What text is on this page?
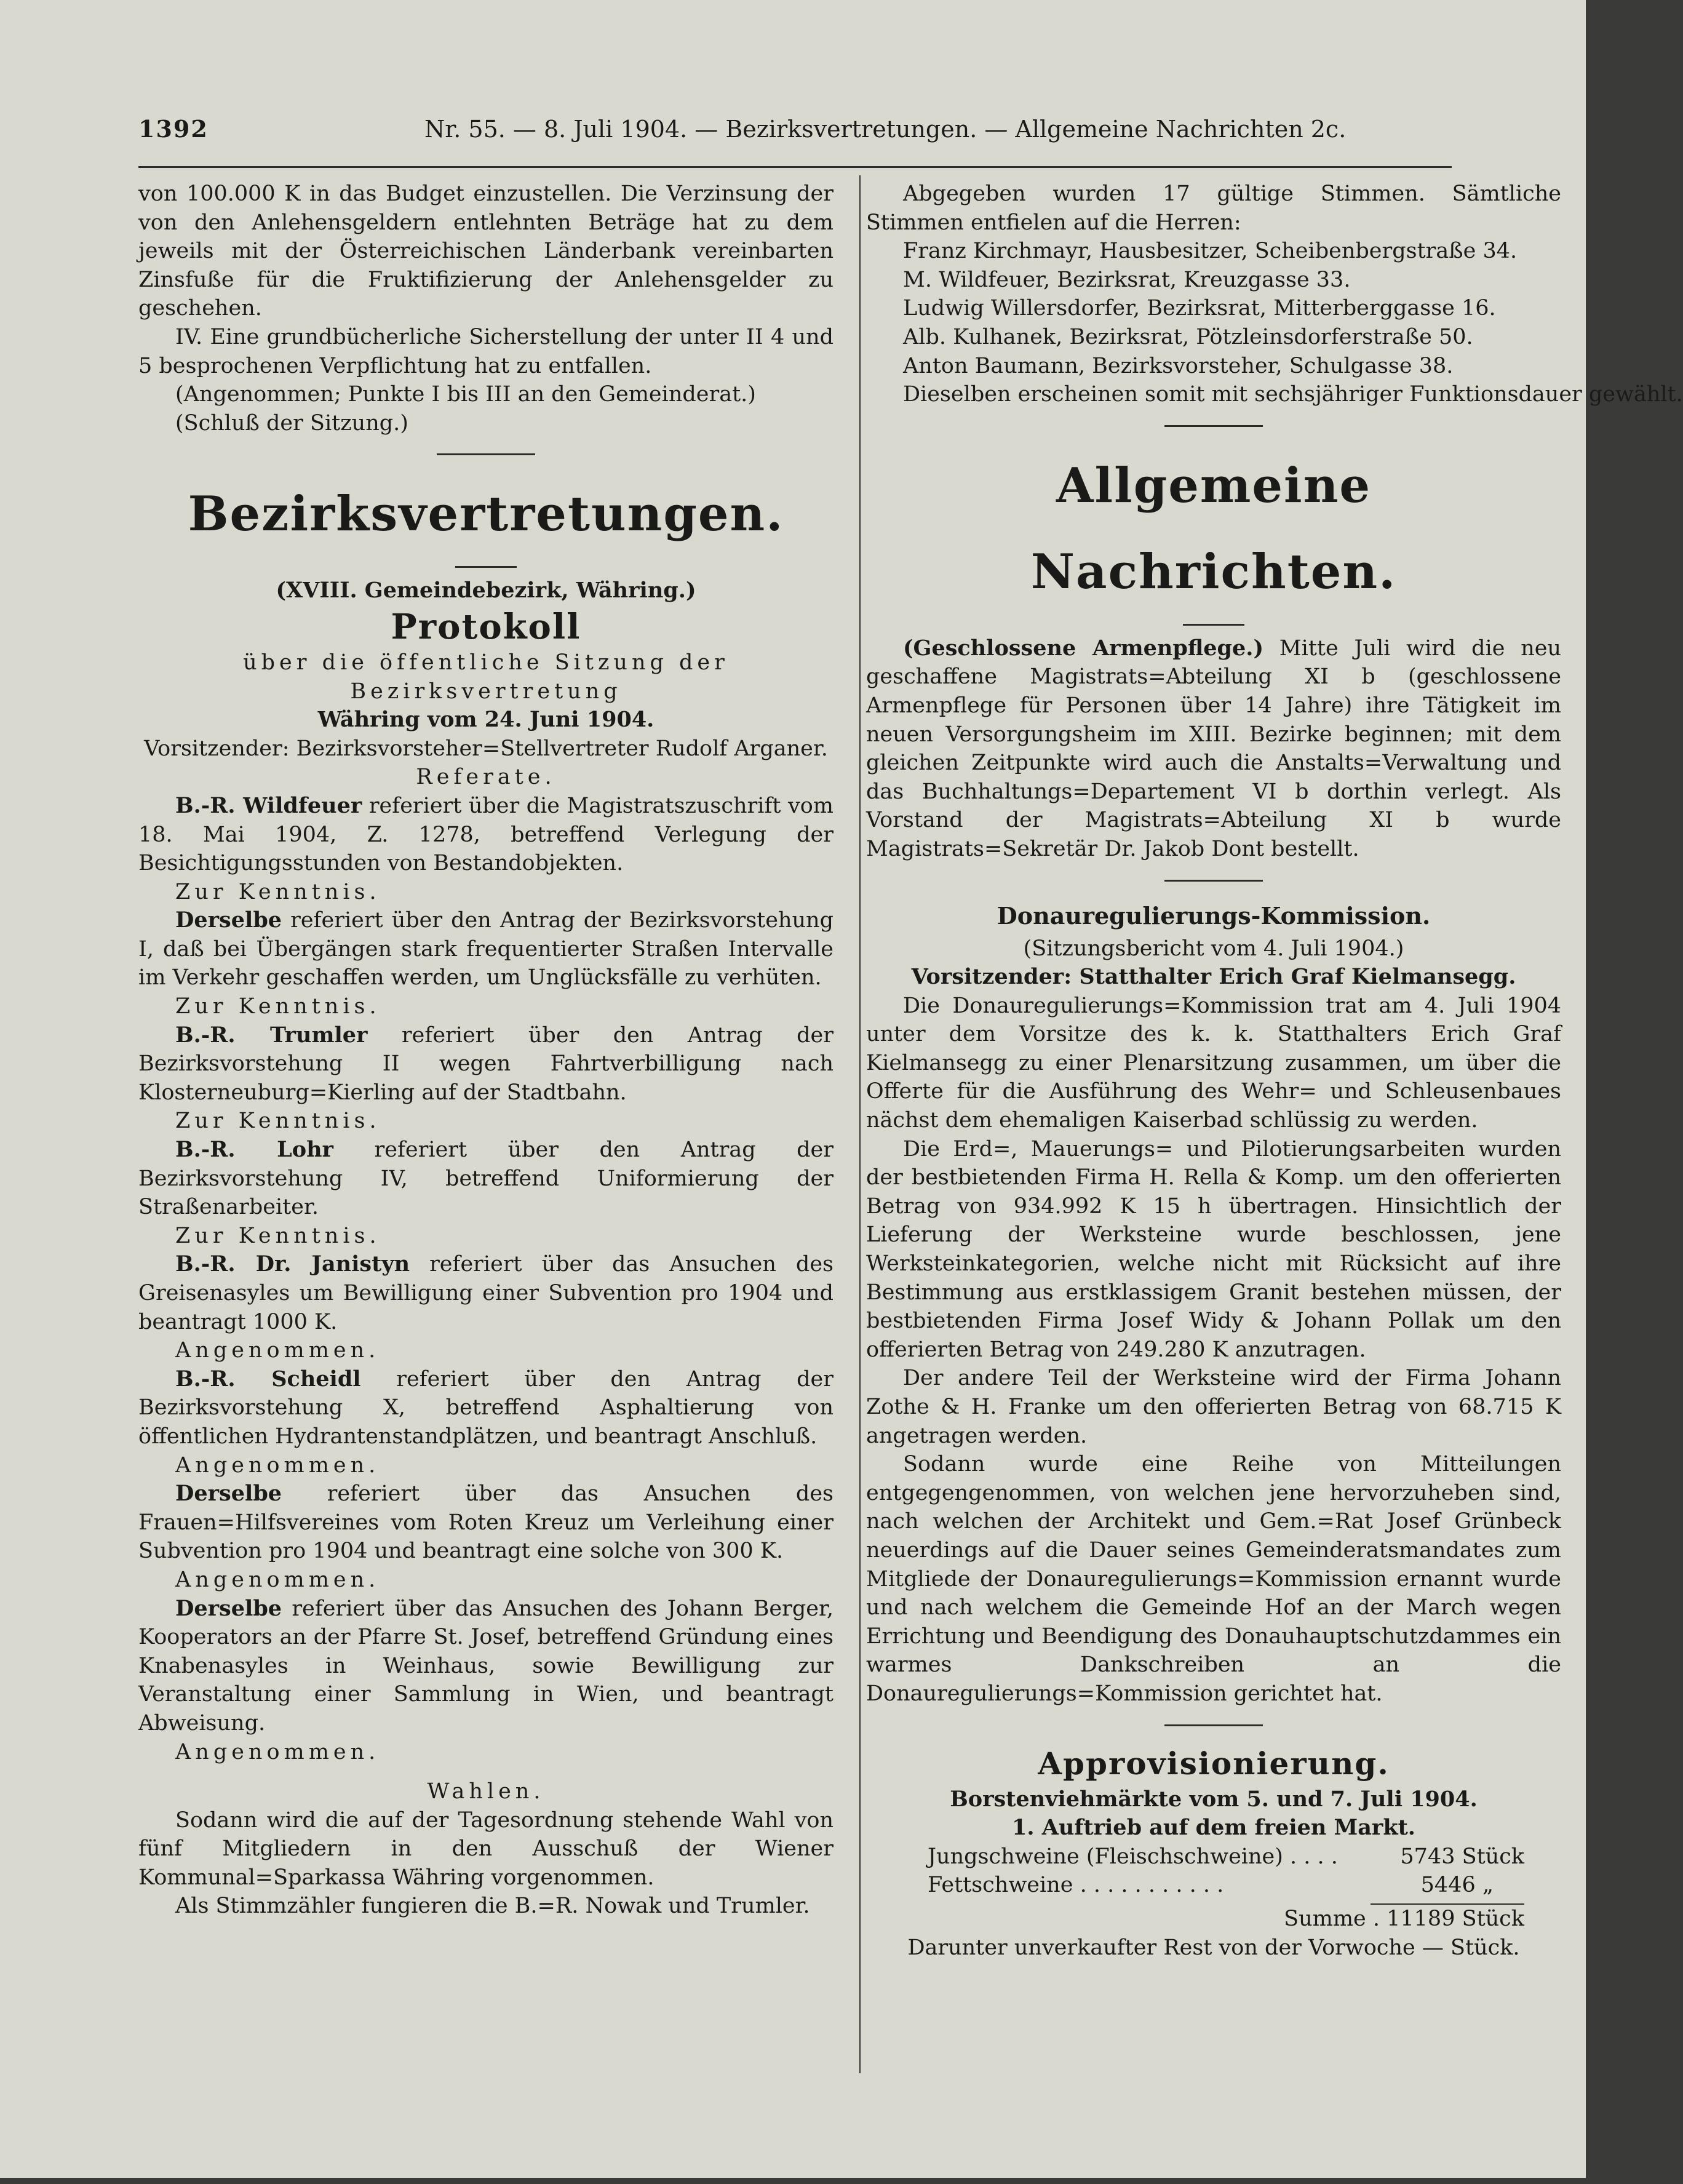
1392	Nr. 55. — 8. Juli 1904. — Bezirksvertretungen. — Allgemeine Nachrichten 2c.

von 100.000 K in das Budget einzustellen. Die Verzinsung der von den Anlehensgeldern entlehnten Beträge hat zu dem jeweils mit der Österreichischen Länderbank vereinbarten Zinsfuße für die Fruktifizierung der Anlehensgelder zu geschehen.

IV. Eine grundbücherliche Sicherstellung der unter II 4 und 5 besprochenen Verpflichtung hat zu entfallen.

(Angenommen; Punkte I bis III an den Gemeinderat.)

(Schluß der Sitzung.)

Bezirksvertretungen.

(XVIII. Gemeindebezirk, Währing.)

Protokoll

über die öffentliche Sitzung der Bezirksvertretung

Währing vom 24. Juni 1904.

Vorsitzender: Bezirksvorsteher=Stellvertreter Rudolf Arganer.

Referate.

B.-R. Wildfeuer referiert über die Magistratszuschrift vom 18. Mai 1904, Z. 1278, betreffend Verlegung der Besichtigungsstunden von Bestandobjekten.

Zur Kenntnis.

Derselbe referiert über den Antrag der Bezirksvorstehung I, daß bei Übergängen stark frequentierter Straßen Intervalle im Verkehr geschaffen werden, um Unglücksfälle zu verhüten.

Zur Kenntnis.

B.-R. Trumler referiert über den Antrag der Bezirksvorstehung II wegen Fahrtverbilligung nach Klosterneuburg=Kierling auf der Stadtbahn.

Zur Kenntnis.

B.-R. Lohr referiert über den Antrag der Bezirksvorstehung IV, betreffend Uniformierung der Straßenarbeiter.

Zur Kenntnis.

B.-R. Dr. Janistyn referiert über das Ansuchen des Greisenasyles um Bewilligung einer Subvention pro 1904 und beantragt 1000 K.

Angenommen.

B.-R. Scheidl referiert über den Antrag der Bezirksvorstehung X, betreffend Asphaltierung von öffentlichen Hydrantenstandplätzen, und beantragt Anschluß.

Angenommen.

Derselbe referiert über das Ansuchen des Frauen=Hilfsvereines vom Roten Kreuz um Verleihung einer Subvention pro 1904 und beantragt eine solche von 300 K.

Angenommen.

Derselbe referiert über das Ansuchen des Johann Berger, Kooperators an der Pfarre St. Josef, betreffend Gründung eines Knabenasyles in Weinhaus, sowie Bewilligung zur Veranstaltung einer Sammlung in Wien, und beantragt Abweisung.

Angenommen.

Wahlen.

Sodann wird die auf der Tagesordnung stehende Wahl von fünf Mitgliedern in den Ausschuß der Wiener Kommunal=Sparkassa Währing vorgenommen.

Als Stimmzähler fungieren die B.=R. Nowak und Trumler.

Abgegeben wurden 17 gültige Stimmen. Sämtliche Stimmen entfielen auf die Herren:

Franz Kirchmayr, Hausbesitzer, Scheibenbergstraße 34.

M. Wildfeuer, Bezirksrat, Kreuzgasse 33.

Ludwig Willersdorfer, Bezirksrat, Mitterberggasse 16.

Alb. Kulhanek, Bezirksrat, Pötzleinsdorferstraße 50.

Anton Baumann, Bezirksvorsteher, Schulgasse 38.

Dieselben erscheinen somit mit sechsjähriger Funktionsdauer gewählt.

Allgemeine Nachrichten.

(Geschlossene Armenpflege.) Mitte Juli wird die neu geschaffene Magistrats=Abteilung XI b (geschlossene Armenpflege für Personen über 14 Jahre) ihre Tätigkeit im neuen Versorgungsheim im XIII. Bezirke beginnen; mit dem gleichen Zeitpunkte wird auch die Anstalts=Verwaltung und das Buchhaltungs=Departement VI b dorthin verlegt. Als Vorstand der Magistrats=Abteilung XI b wurde Magistrats=Sekretär Dr. Jakob Dont bestellt.

Donauregulierungs-Kommission.

(Sitzungsbericht vom 4. Juli 1904.)

Vorsitzender: Statthalter Erich Graf Kielmansegg.

Die Donauregulierungs=Kommission trat am 4. Juli 1904 unter dem Vorsitze des k. k. Statthalters Erich Graf Kielmansegg zu einer Plenarsitzung zusammen, um über die Offerte für die Ausführung des Wehr= und Schleusenbaues nächst dem ehemaligen Kaiserbad schlüssig zu werden.

Die Erd=, Mauerungs= und Pilotierungsarbeiten wurden der bestbietenden Firma H. Rella & Komp. um den offerierten Betrag von 934.992 K 15 h übertragen. Hinsichtlich der Lieferung der Werksteine wurde beschlossen, jene Werksteinkategorien, welche nicht mit Rücksicht auf ihre Bestimmung aus erstklassigem Granit bestehen müssen, der bestbietenden Firma Josef Widy & Johann Pollak um den offerierten Betrag von 249.280 K anzutragen.

Der andere Teil der Werksteine wird der Firma Johann Zothe & H. Franke um den offerierten Betrag von 68.715 K angetragen werden.

Sodann wurde eine Reihe von Mitteilungen entgegengenommen, von welchen jene hervorzuheben sind, nach welchen der Architekt und Gem.=Rat Josef Grünbeck neuerdings auf die Dauer seines Gemeinderatsmandates zum Mitgliede der Donauregulierungs=Kommission ernannt wurde und nach welchem die Gemeinde Hof an der March wegen Errichtung und Beendigung des Donauhauptschutzdammes ein warmes Dankschreiben an die Donauregulierungs=Kommission gerichtet hat.

Approvisionierung.

Borstenviehmärkte vom 5. und 7. Juli 1904.

1. Auftrieb auf dem freien Markt.

Jungschweine (Fleischschweine) . . . .	5743 Stück
Fettschweine . . . . . . . . . . .	5446 „
Summe . 11189 Stück

Darunter unverkaufter Rest von der Vorwoche — Stück.
